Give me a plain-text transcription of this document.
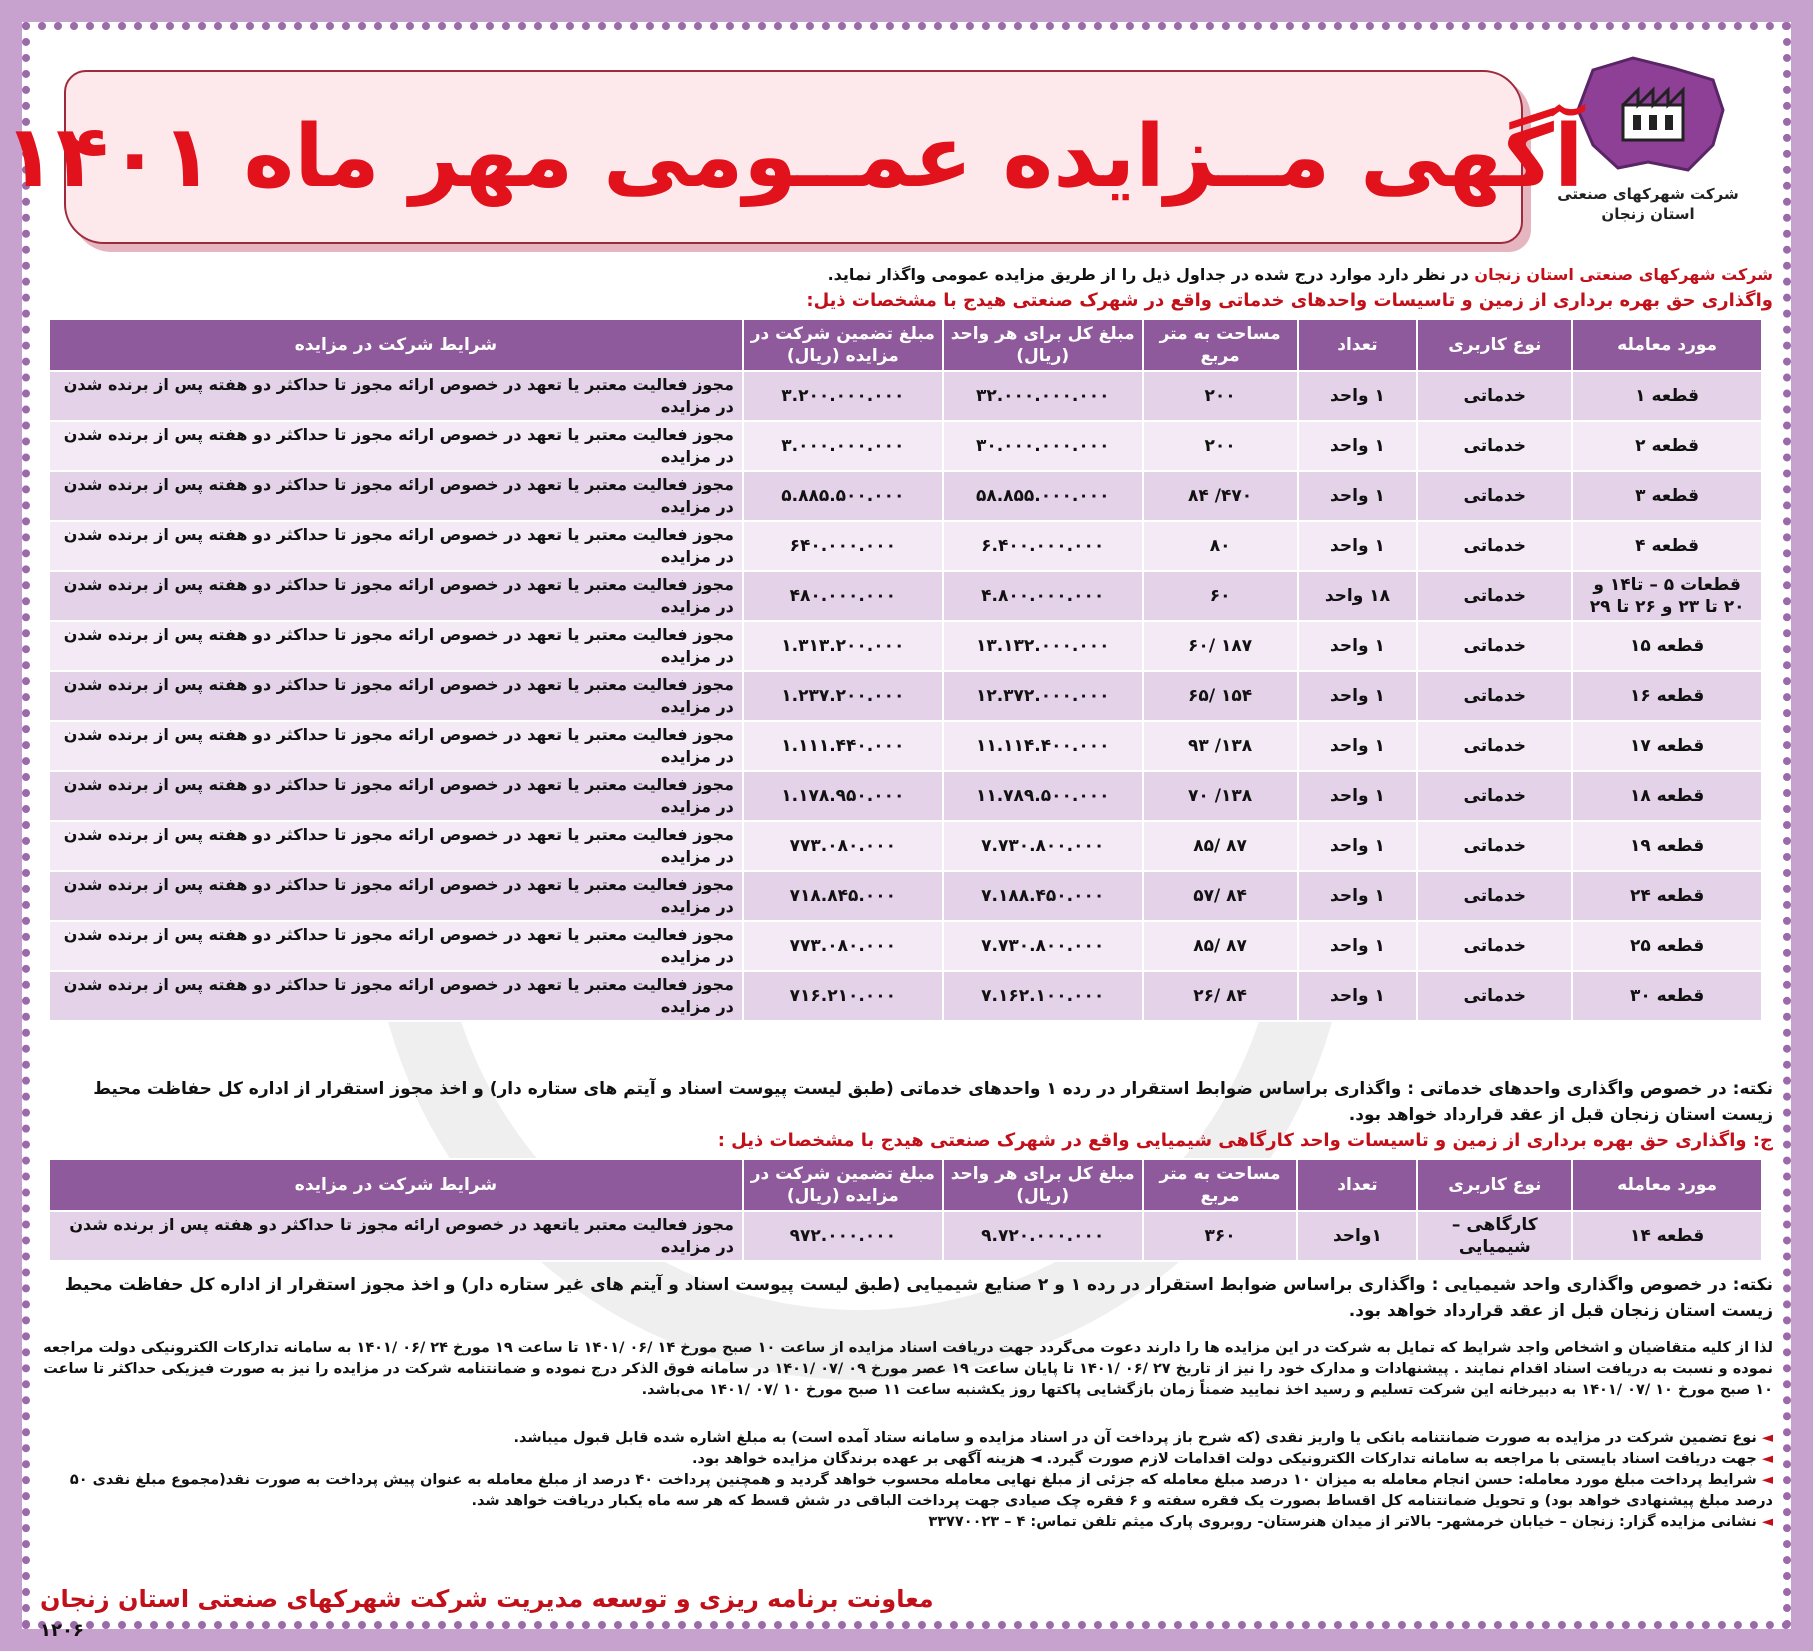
شرکت شهرکهای صنعتی
استان زنجان
آگهی مــزایده عمــومی مهر ماه ۱۴۰۱
شرکت شهرکهای صنعتی استان زنجان در نظر دارد موارد درج شده در جداول ذیل را از طریق مزایده عمومی واگذار نماید.
واگذاری حق بهره برداری از زمین و تاسیسات واحدهای خدماتی واقع در شهرک صنعتی هیدج با مشخصات ذیل:
مورد معامله	نوع کاربری	تعداد	مساحت به متر مربع	مبلغ کل برای هر واحد (ریال)	مبلغ تضمین شرکت در مزایده (ریال)	شرایط شرکت در مزایده
قطعه ۱	خدماتی	۱ واحد	۲۰۰	۳۲.۰۰۰.۰۰۰.۰۰۰	۳.۲۰۰.۰۰۰.۰۰۰	مجوز فعالیت معتبر یا تعهد در خصوص ارائه مجوز تا حداکثر دو هفته پس از برنده شدن در مزایده
قطعه ۲	خدماتی	۱ واحد	۲۰۰	۳۰.۰۰۰.۰۰۰.۰۰۰	۳.۰۰۰.۰۰۰.۰۰۰	مجوز فعالیت معتبر یا تعهد در خصوص ارائه مجوز تا حداکثر دو هفته پس از برنده شدن در مزایده
قطعه ۳	خدماتی	۱ واحد	۴۷۰/ ۸۴	۵۸.۸۵۵.۰۰۰.۰۰۰	۵.۸۸۵.۵۰۰.۰۰۰	مجوز فعالیت معتبر یا تعهد در خصوص ارائه مجوز تا حداکثر دو هفته پس از برنده شدن در مزایده
قطعه ۴	خدماتی	۱ واحد	۸۰	۶.۴۰۰.۰۰۰.۰۰۰	۶۴۰.۰۰۰.۰۰۰	مجوز فعالیت معتبر یا تعهد در خصوص ارائه مجوز تا حداکثر دو هفته پس از برنده شدن در مزایده
قطعات ۵ – تا۱۴ و ۲۰ تا ۲۳ و ۲۶ تا ۲۹	خدماتی	۱۸ واحد	۶۰	۴.۸۰۰.۰۰۰.۰۰۰	۴۸۰.۰۰۰.۰۰۰	مجوز فعالیت معتبر یا تعهد در خصوص ارائه مجوز تا حداکثر دو هفته پس از برنده شدن در مزایده
قطعه ۱۵	خدماتی	۱ واحد	۱۸۷ /۶۰	۱۳.۱۳۲.۰۰۰.۰۰۰	۱.۳۱۳.۲۰۰.۰۰۰	مجوز فعالیت معتبر یا تعهد در خصوص ارائه مجوز تا حداکثر دو هفته پس از برنده شدن در مزایده
قطعه ۱۶	خدماتی	۱ واحد	۱۵۴ /۶۵	۱۲.۳۷۲.۰۰۰.۰۰۰	۱.۲۳۷.۲۰۰.۰۰۰	مجوز فعالیت معتبر یا تعهد در خصوص ارائه مجوز تا حداکثر دو هفته پس از برنده شدن در مزایده
قطعه ۱۷	خدماتی	۱ واحد	۱۳۸/ ۹۳	۱۱.۱۱۴.۴۰۰.۰۰۰	۱.۱۱۱.۴۴۰.۰۰۰	مجوز فعالیت معتبر یا تعهد در خصوص ارائه مجوز تا حداکثر دو هفته پس از برنده شدن در مزایده
قطعه ۱۸	خدماتی	۱ واحد	۱۳۸/ ۷۰	۱۱.۷۸۹.۵۰۰.۰۰۰	۱.۱۷۸.۹۵۰.۰۰۰	مجوز فعالیت معتبر یا تعهد در خصوص ارائه مجوز تا حداکثر دو هفته پس از برنده شدن در مزایده
قطعه ۱۹	خدماتی	۱ واحد	۸۷ /۸۵	۷.۷۳۰.۸۰۰.۰۰۰	۷۷۳.۰۸۰.۰۰۰	مجوز فعالیت معتبر یا تعهد در خصوص ارائه مجوز تا حداکثر دو هفته پس از برنده شدن در مزایده
قطعه ۲۴	خدماتی	۱ واحد	۸۴ /۵۷	۷.۱۸۸.۴۵۰.۰۰۰	۷۱۸.۸۴۵.۰۰۰	مجوز فعالیت معتبر یا تعهد در خصوص ارائه مجوز تا حداکثر دو هفته پس از برنده شدن در مزایده
قطعه ۲۵	خدماتی	۱ واحد	۸۷ /۸۵	۷.۷۳۰.۸۰۰.۰۰۰	۷۷۳.۰۸۰.۰۰۰	مجوز فعالیت معتبر یا تعهد در خصوص ارائه مجوز تا حداکثر دو هفته پس از برنده شدن در مزایده
قطعه ۳۰	خدماتی	۱ واحد	۸۴ /۲۶	۷.۱۶۲.۱۰۰.۰۰۰	۷۱۶.۲۱۰.۰۰۰	مجوز فعالیت معتبر یا تعهد در خصوص ارائه مجوز تا حداکثر دو هفته پس از برنده شدن در مزایده
نکته: در خصوص واگذاری واحدهای خدماتی : واگذاری براساس ضوابط استقرار در رده ۱ واحدهای خدماتی (طبق لیست پیوست اسناد و آیتم های ستاره دار) و اخذ مجوز استقرار از اداره کل حفاظت محیط زیست استان زنجان قبل از عقد قرارداد خواهد بود.
ج: واگذاری حق بهره برداری از زمین و تاسیسات واحد کارگاهی شیمیایی واقع در شهرک صنعتی هیدج با مشخصات ذیل :
مورد معامله	نوع کاربری	تعداد	مساحت به متر مربع	مبلغ کل برای هر واحد (ریال)	مبلغ تضمین شرکت در مزایده (ریال)	شرایط شرکت در مزایده
قطعه ۱۴	کارگاهی – شیمیایی	۱واحد	۳۶۰	۹.۷۲۰.۰۰۰.۰۰۰	۹۷۲.۰۰۰.۰۰۰	مجوز فعالیت معتبر یاتعهد در خصوص ارائه مجوز تا حداکثر دو هفته پس از برنده شدن در مزایده
نکته: در خصوص واگذاری واحد شیمیایی : واگذاری براساس ضوابط استقرار در رده ۱ و ۲ صنایع شیمیایی (طبق لیست پیوست اسناد و آیتم های غیر ستاره دار) و اخذ مجوز استقرار از اداره کل حفاظت محیط زیست استان زنجان قبل از عقد قرارداد خواهد بود.
لذا از کلیه متقاضیان و اشخاص واجد شرایط که تمایل به شرکت در این مزایده ها را دارند دعوت می‌گردد جهت دریافت اسناد مزایده از ساعت ۱۰ صبح مورخ ۱۴ /۰۶ /۱۴۰۱ تا ساعت ۱۹ مورخ ۲۴ /۰۶ /۱۴۰۱ به سامانه تدارکات الکترونیکی دولت مراجعه نموده و نسبت به دریافت اسناد اقدام نمایند . پیشنهادات و مدارک خود را نیز از تاریخ ۲۷ /۰۶ /۱۴۰۱ تا پایان ساعت ۱۹ عصر مورخ ۰۹ /۰۷ /۱۴۰۱ در سامانه فوق الذکر درج نموده و ضمانتنامه شرکت در مزایده را نیز به صورت فیزیکی حداکثر تا ساعت ۱۰ صبح مورخ ۱۰ /۰۷ /۱۴۰۱ به دبیرخانه این شرکت تسلیم و رسید اخذ نمایید ضمناً زمان بازگشایی پاکتها روز یکشنبه ساعت ۱۱ صبح مورخ ۱۰ /۰۷ /۱۴۰۱ می‌باشد.
◄ نوع تضمین شرکت در مزایده به صورت ضمانتنامه بانکی یا واریز نقدی (که شرح باز پرداخت آن در اسناد مزایده و سامانه ستاد آمده است) به مبلغ اشاره شده قابل قبول میباشد.
◄ جهت دریافت اسناد بایستی با مراجعه به سامانه تدارکات الکترونیکی دولت اقدامات لازم صورت گیرد. ◄ هزینه آگهی بر عهده برندگان مزایده خواهد بود.
◄ شرایط پرداخت مبلغ مورد معامله: حسن انجام معامله به میزان ۱۰ درصد مبلغ معامله که جزئی از مبلغ نهایی معامله محسوب خواهد گردید و همچنین پرداخت ۴۰ درصد از مبلغ معامله به عنوان پیش پرداخت به صورت نقد(مجموع مبلغ نقدی ۵۰ درصد مبلغ پیشنهادی خواهد بود) و تحویل ضمانتنامه کل اقساط بصورت یک فقره سفته و ۶ فقره چک صیادی جهت پرداخت الباقی در شش قسط که هر سه ماه یکبار دریافت خواهد شد.
◄ نشانی مزایده گزار: زنجان – خیابان خرمشهر- بالاتر از میدان هنرستان- روبروی پارک میثم تلفن تماس: ۴ – ۳۳۷۷۰۰۲۳
معاونت برنامه ریزی و توسعه مدیریت شرکت شهرکهای صنعتی استان زنجان
۱۲۰۶
